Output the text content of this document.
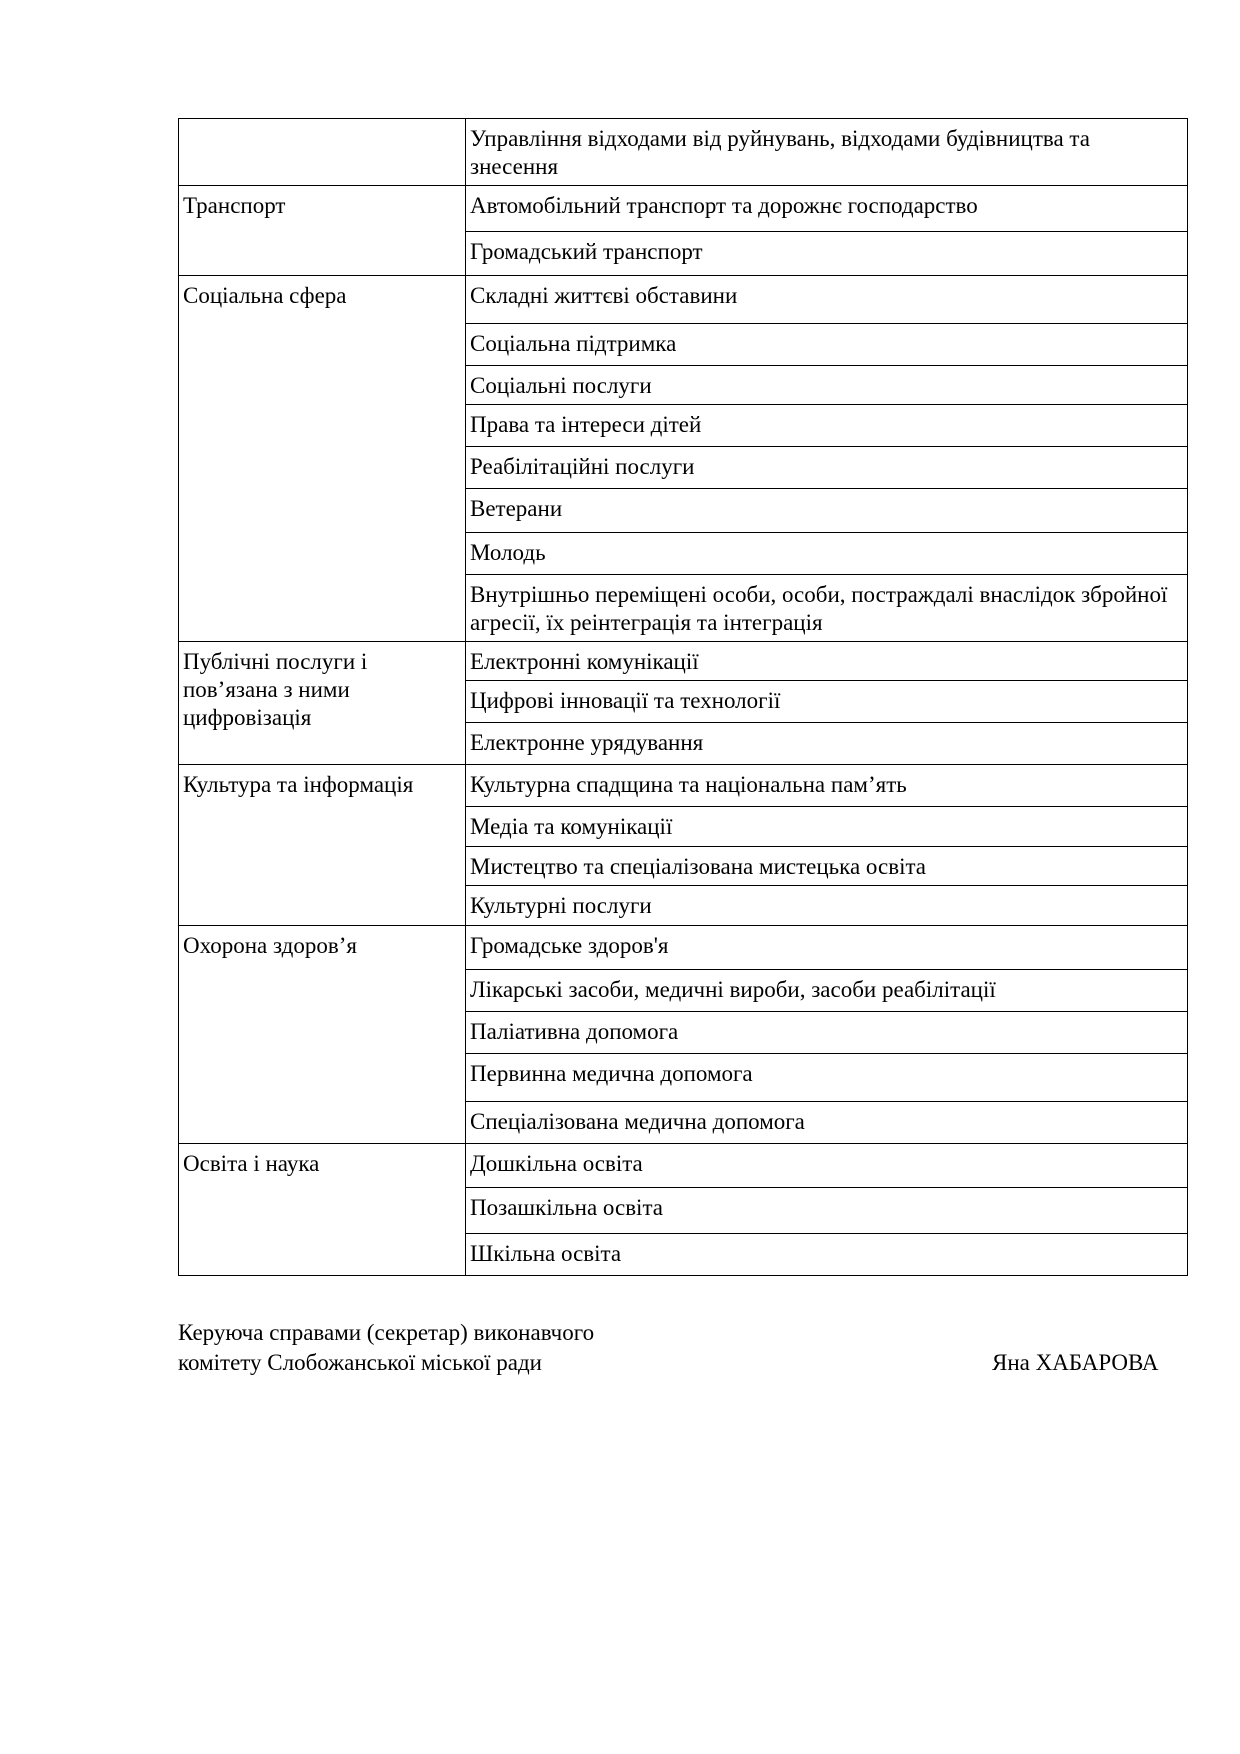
	Управління відходами від руйнувань, відходами будівництва та знесення
Транспорт	Автомобільний транспорт та дорожнє господарство
	Громадський транспорт
Соціальна сфера	Складні життєві обставини
	Соціальна підтримка
	Соціальні послуги
	Права та інтереси дітей
	Реабілітаційні послуги
	Ветерани
	Молодь
	Внутрішньо переміщені особи, особи, постраждалі внаслідок збройної агресії, їх реінтеграція та інтеграція
Публічні послуги і пов’язана з ними цифровізація	Електронні комунікації
	Цифрові інновації та технології
	Електронне урядування
Культура та інформація	Культурна спадщина та національна пам’ять
	Медіа та комунікації
	Мистецтво та спеціалізована мистецька освіта
	Культурні послуги
Охорона здоров’я	Громадське здоров'я
	Лікарські засоби, медичні вироби, засоби реабілітації
	Паліативна допомога
	Первинна медична допомога
	Спеціалізована медична допомога
Освіта і наука	Дошкільна освіта
	Позашкільна освіта
	Шкільна освіта
Керуюча справами (секретар) виконавчого
комітету Слобожанської міської ради	Яна ХАБАРОВА
